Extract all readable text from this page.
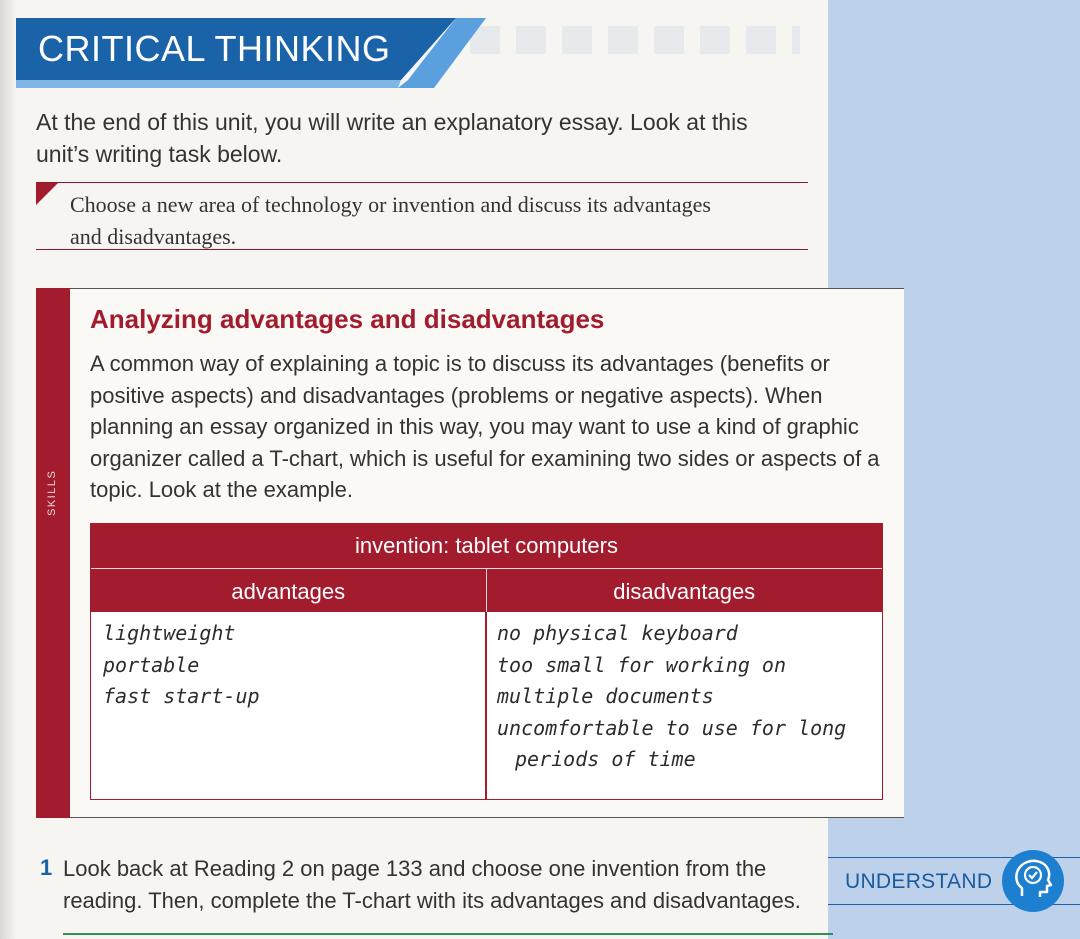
CRITICAL THINKING

At the end of this unit, you will write an explanatory essay. Look at this unit’s writing task below.

Choose a new area of technology or invention and discuss its advantages and disadvantages.

SKILLS
Analyzing advantages and disadvantages

A common way of explaining a topic is to discuss its advantages (benefits or positive aspects) and disadvantages (problems or negative aspects). When planning an essay organized in this way, you may want to use a kind of graphic organizer called a T-chart, which is useful for examining two sides or aspects of a topic. Look at the example.

invention: tablet computers
advantages	disadvantages
lightweight
portable
fast start-up
no physical keyboard
too small for working on
multiple documents
uncomfortable to use for long
periods of time
1 Look back at Reading 2 on page 133 and choose one invention from the reading. Then, complete the T-chart with its advantages and disadvantages.

UNDERSTAND
